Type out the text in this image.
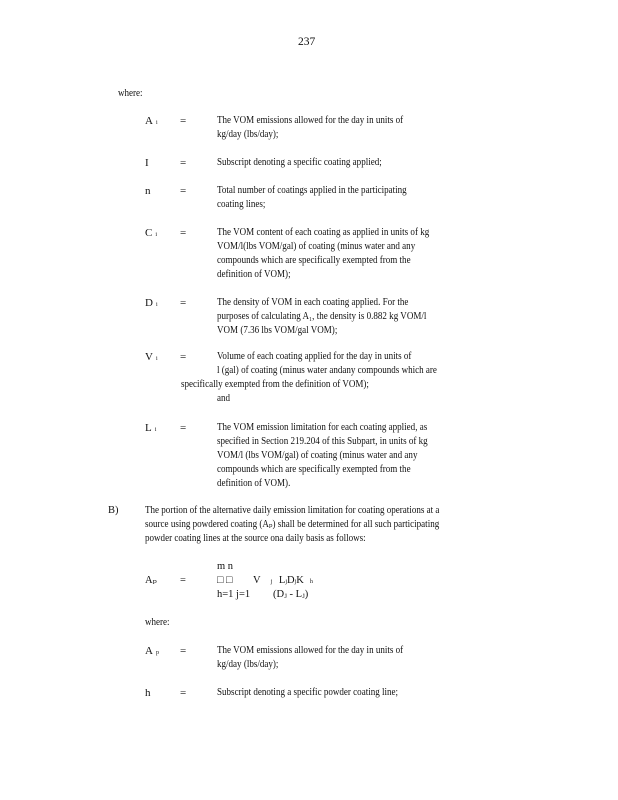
237
where:
Ai =	The VOM emissions allowed for the day in units of
kg/day (lbs/day);
I	=	Subscript denoting a specific coating applied;
n	=	Total number of coatings applied in the participating
coating lines;
Ci =	The VOM content of each coating as applied in units of kg
VOM/l(lbs VOM/gal) of coating (minus water and any
compounds which are specifically exempted from the
definition of VOM);
Di =	The density of VOM in each coating applied. For the
purposes of calculating A₁, the density is 0.882 kg VOM/l
VOM (7.36 lbs VOM/gal VOM);
Vi =	Volume of each coating applied for the day in units of
l (gal) of coating (minus water andany compounds which are
specifically exempted from the definition of VOM);
and
Li =	The VOM emission limitation for each coating applied, as
specified in Section 219.204 of this Subpart, in units of kg
VOM/l (lbs VOM/gal) of coating (minus water and any
compounds which are specifically exempted from the
definition of VOM).
B)	The portion of the alternative daily emission limitation for coating operations at a
source using powdered coating (Aₚ) shall be determined for all such participating
powder coating lines at the source ona daily basis as follows:
m n
Aₚ =	□ □ V j LjDjK h
h=1 j=1 (Dⱼ - Lⱼ)
where:
Ap =	The VOM emissions allowed for the day in units of
kg/day (lbs/day);
h	=	Subscript denoting a specific powder coating line;
